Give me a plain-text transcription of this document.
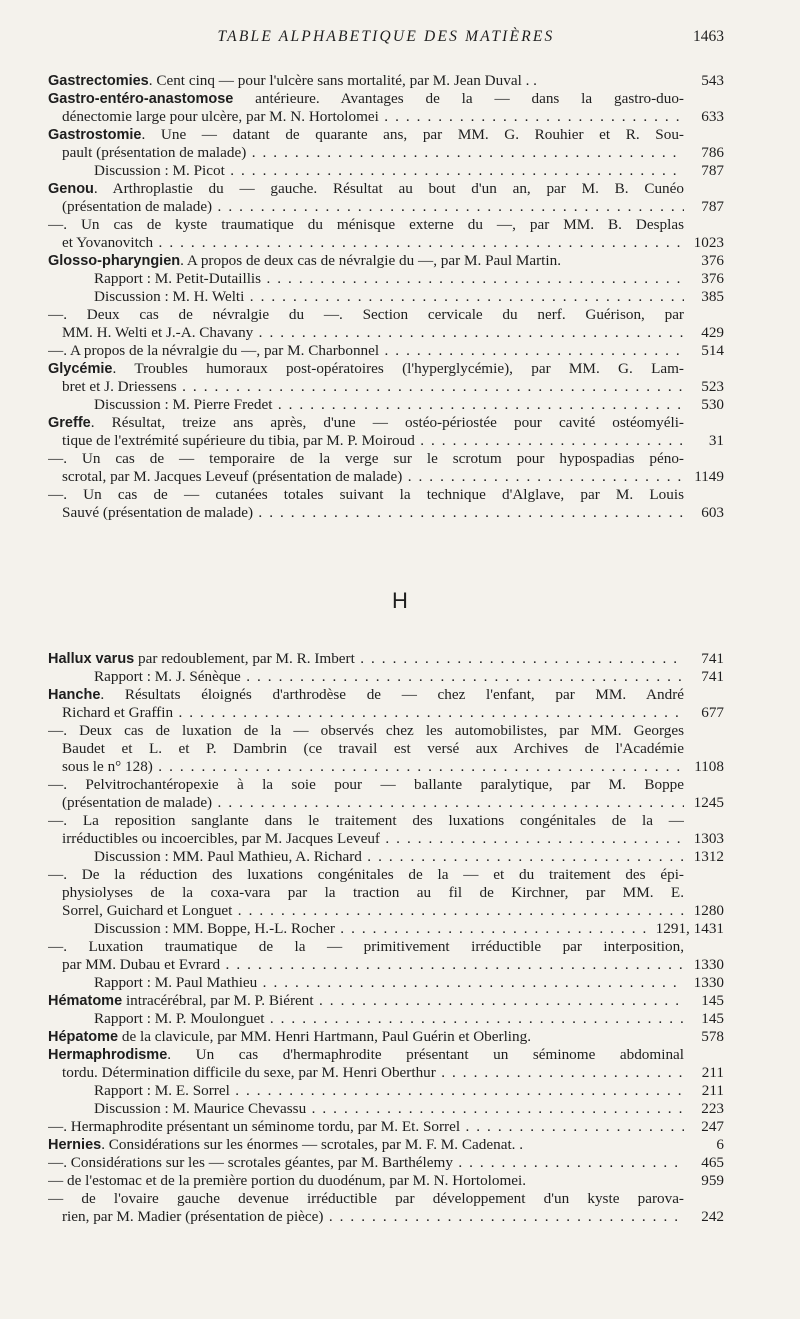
TABLE ALPHABETIQUE DES MATIÈRES	1463
Gastrectomies. Cent cinq — pour l'ulcère sans mortalité, par M. Jean Duval . .	543
Gastro-entéro-anastomose antérieure. Avantages de la — dans la gastro-duo-
dénectomie large pour ulcère, par M. N. Hortolomei . . .	633
Gastrostomie. Une — datant de quarante ans, par MM. G. Rouhier et R. Sou-
pault (présentation de malade) . . .	786
Discussion : M. Picot . . .	787
Genou. Arthroplastie du — gauche. Résultat au bout d'un an, par M. B. Cunéo
(présentation de malade) . . .	787
—. Un cas de kyste traumatique du ménisque externe du —, par MM. B. Desplas
et Yovanovitch . . .	1023
Glosso-pharyngien. A propos de deux cas de névralgie du —, par M. Paul Martin.	376
Rapport : M. Petit-Dutaillis . . .	376
Discussion : M. H. Welti . . .	385
—. Deux cas de névralgie du —. Section cervicale du nerf. Guérison, par
MM. H. Welti et J.-A. Chavany . . .	429
—. A propos de la névralgie du —, par M. Charbonnel . . .	514
Glycémie. Troubles humoraux post-opératoires (l'hyperglycémie), par MM. G. Lam-
bret et J. Driessens . . .	523
Discussion : M. Pierre Fredet . . .	530
Greffe. Résultat, treize ans après, d'une — ostéo-périostée pour cavité ostéomyéli-
tique de l'extrémité supérieure du tibia, par M. P. Moiroud . . .	31
—. Un cas de — temporaire de la verge sur le scrotum pour hypospadias péno-
scrotal, par M. Jacques Leveuf (présentation de malade) . . .	1149
—. Un cas de — cutanées totales suivant la technique d'Alglave, par M. Louis
Sauvé (présentation de malade) . . .	603
H
Hallux varus par redoublement, par M. R. Imbert . . .	741
Rapport : M. J. Sénèque . . .	741
Hanche. Résultats éloignés d'arthrodèse de — chez l'enfant, par MM. André
Richard et Graffin . . .	677
—. Deux cas de luxation de la — observés chez les automobilistes, par MM. Georges
Baudet et L. et P. Dambrin (ce travail est versé aux Archives de l'Académie
sous le n° 128) . . .	1108
—. Pelvitrochantéropexie à la soie pour — ballante paralytique, par M. Boppe
(présentation de malade) . . .	1245
—. La reposition sanglante dans le traitement des luxations congénitales de la —
irréductibles ou incoercibles, par M. Jacques Leveuf . . .	1303
Discussion : MM. Paul Mathieu, A. Richard . . .	1312
—. De la réduction des luxations congénitales de la — et du traitement des épi-
physiolyses de la coxa-vara par la traction au fil de Kirchner, par MM. E.
Sorrel, Guichard et Longuet . . .	1280
Discussion : MM. Boppe, H.-L. Rocher . . .	1291, 1431
—. Luxation traumatique de la — primitivement irréductible par interposition,
par MM. Dubau et Evrard . . .	1330
Rapport : M. Paul Mathieu . . .	1330
Hématome intracérébral, par M. P. Biérent . . .	145
Rapport : M. P. Moulonguet . . .	145
Hépatome de la clavicule, par MM. Henri Hartmann, Paul Guérin et Oberling.	578
Hermaphrodisme. Un cas d'hermaphrodite présentant un séminome abdominal
tordu. Détermination difficile du sexe, par M. Henri Oberthur . . .	211
Rapport : M. E. Sorrel . . .	211
Discussion : M. Maurice Chevassu . . .	223
—. Hermaphrodite présentant un séminome tordu, par M. Et. Sorrel . . .	247
Hernies. Considérations sur les énormes — scrotales, par M. F. M. Cadenat. .	6
—. Considérations sur les — scrotales géantes, par M. Barthélemy . . .	465
— de l'estomac et de la première portion du duodénum, par M. N. Hortolomei.	959
— de l'ovaire gauche devenue irréductible par développement d'un kyste parova-
rien, par M. Madier (présentation de pièce) . . .	242
